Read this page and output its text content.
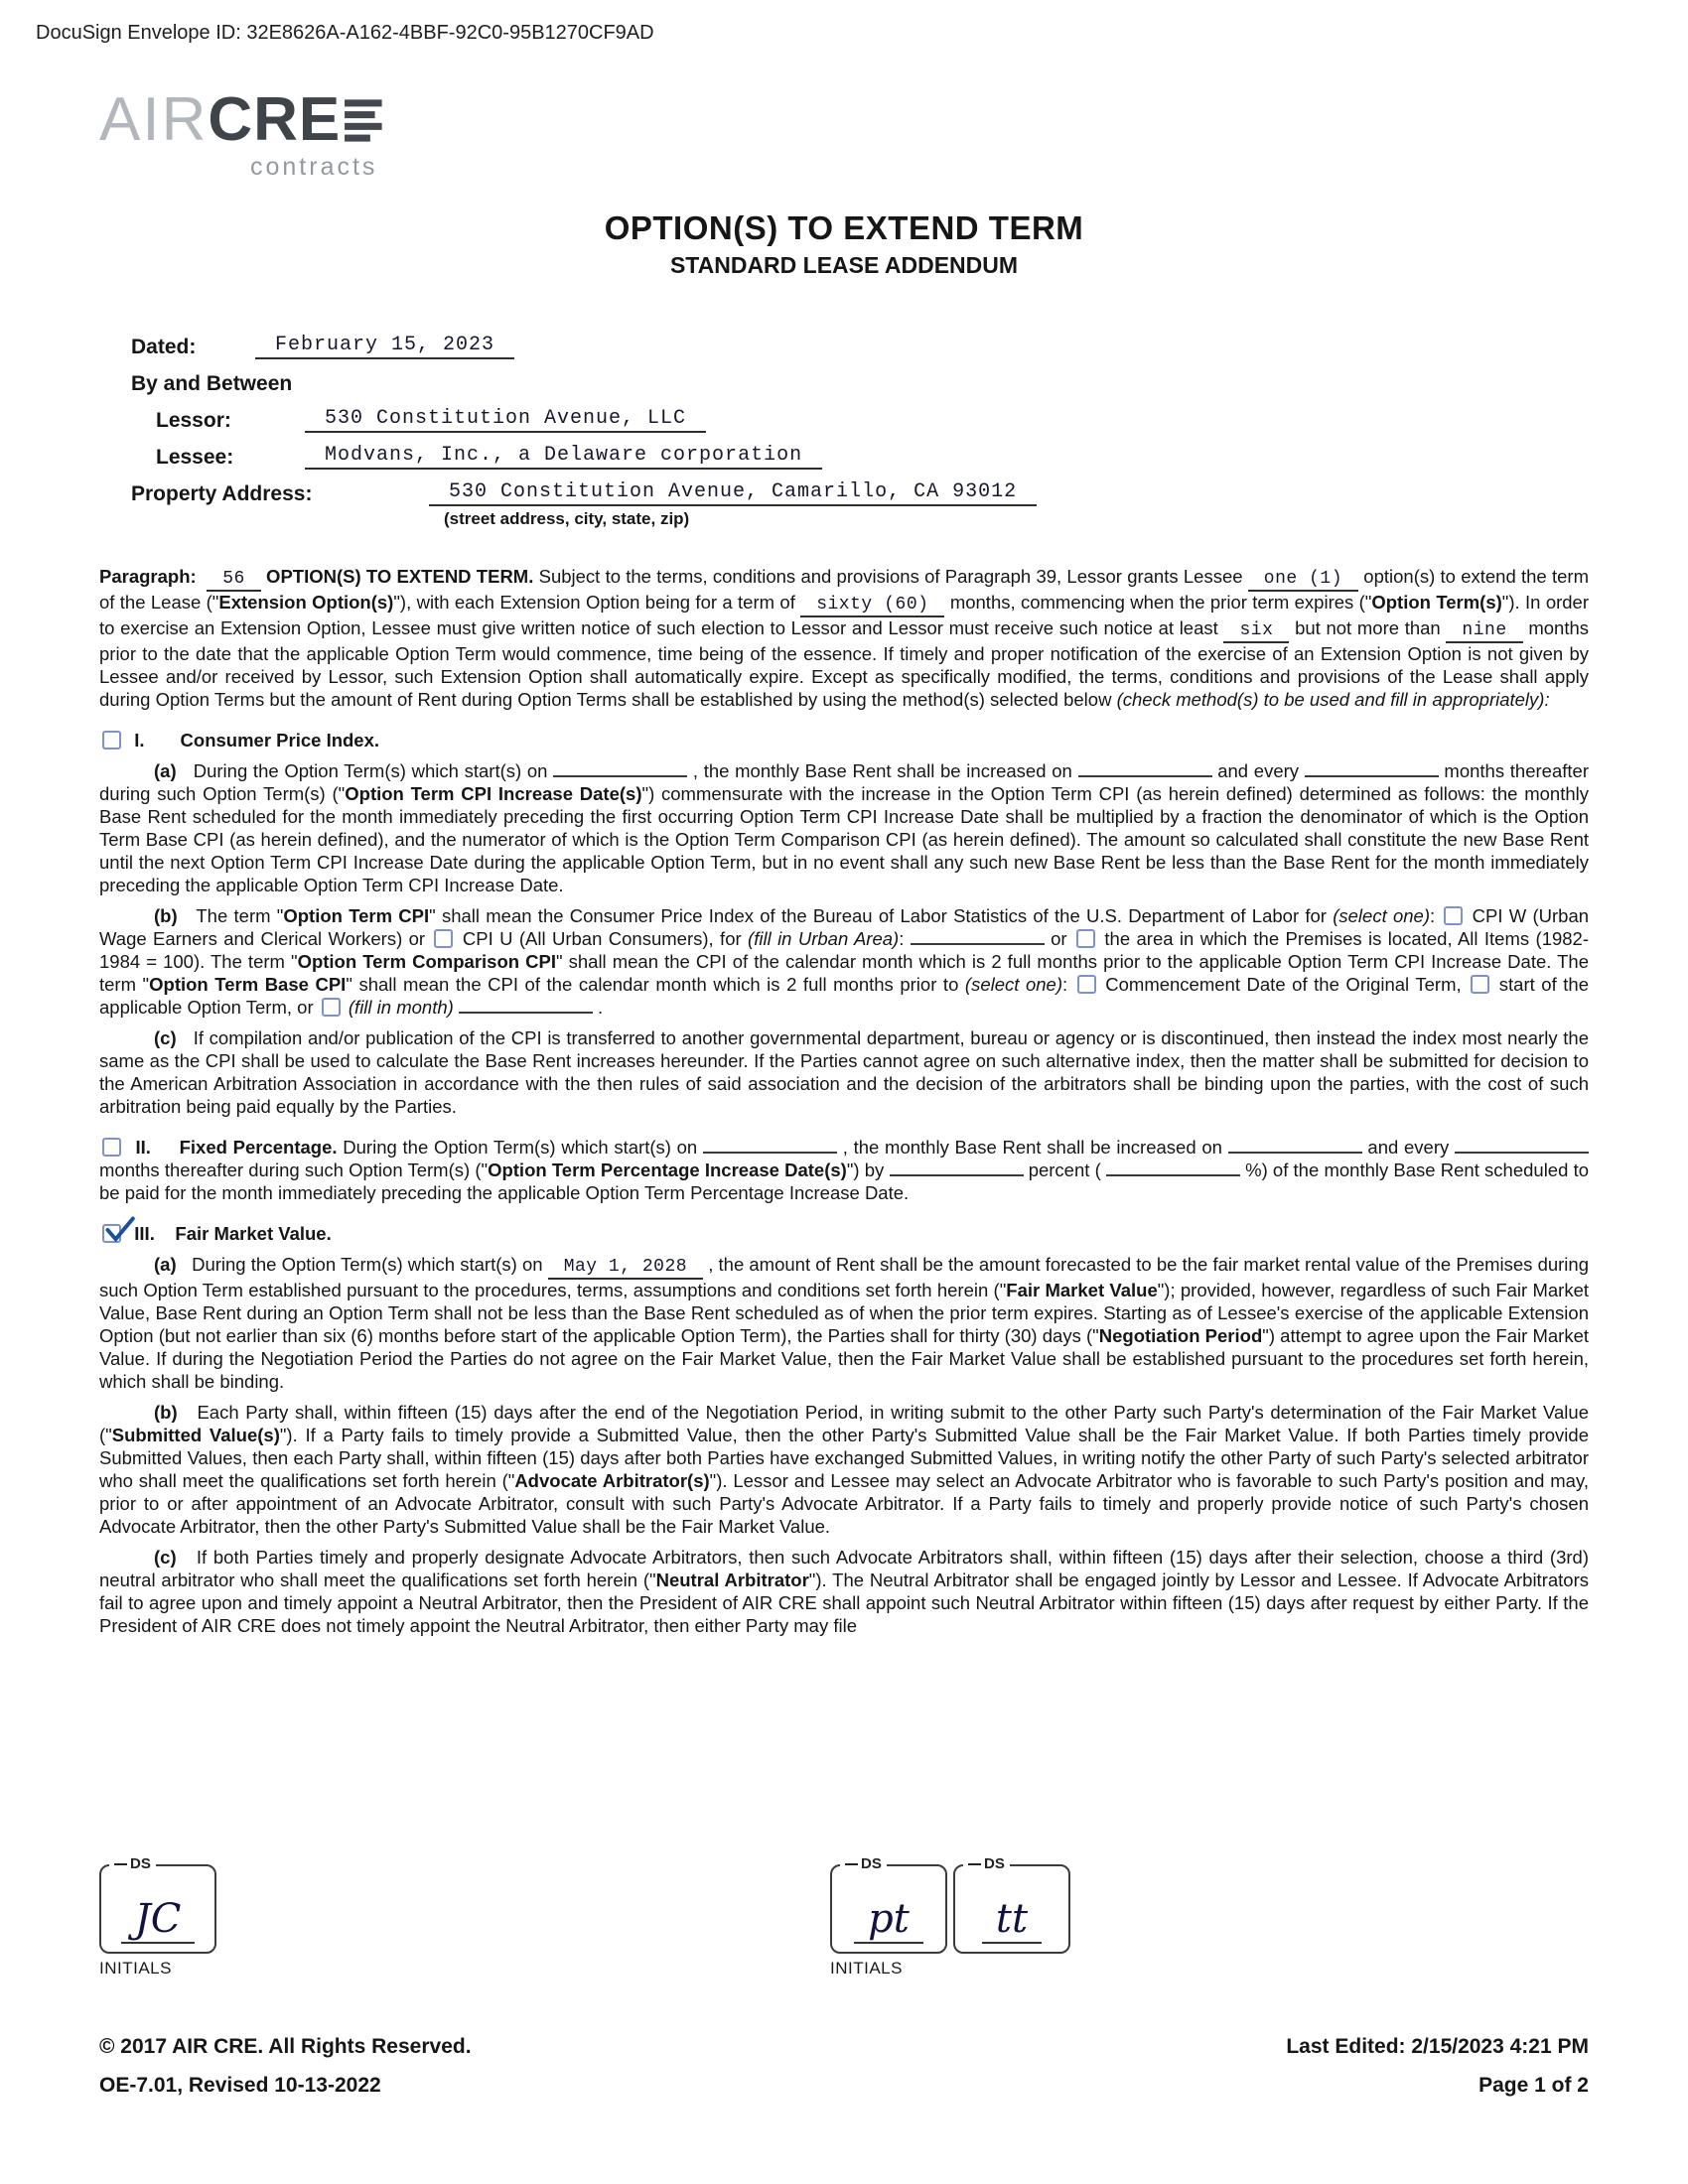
DocuSign Envelope ID: 32E8626A-A162-4BBF-92C0-95B1270CF9AD
AIR CRE
contracts
OPTION(S) TO EXTEND TERM
STANDARD LEASE ADDENDUM
Dated:	February 15, 2023
By and Between
Lessor:	530 Constitution Avenue, LLC
Lessee:	Modvans, Inc., a Delaware corporation
Property Address:	530 Constitution Avenue, Camarillo, CA 93012
(street address, city, state, zip)

Paragraph:  56 OPTION(S) TO EXTEND TERM. Subject to the terms, conditions and provisions of Paragraph 39, Lessor grants Lessee one (1) option(s) to extend the term of the Lease ("Extension Option(s)"), with each Extension Option being for a term of sixty (60) months, commencing when the prior term expires ("Option Term(s)"). In order to exercise an Extension Option, Lessee must give written notice of such election to Lessor and Lessor must receive such notice at least six but not more than nine months prior to the date that the applicable Option Term would commence, time being of the essence. If timely and proper notification of the exercise of an Extension Option is not given by Lessee and/or received by Lessor, such Extension Option shall automatically expire. Except as specifically modified, the terms, conditions and provisions of the Lease shall apply during Option Terms but the amount of Rent during Option Terms shall be established by using the method(s) selected below (check method(s) to be used and fill in appropriately):

I.       Consumer Price Index.

(a)   During the Option Term(s) which start(s) on	, the monthly Base Rent shall be increased on	and every	months thereafter during such Option Term(s) ("Option Term CPI Increase Date(s)") commensurate with the increase in the Option Term CPI (as herein defined) determined as follows: the monthly Base Rent scheduled for the month immediately preceding the first occurring Option Term CPI Increase Date shall be multiplied by a fraction the denominator of which is the Option Term Base CPI (as herein defined), and the numerator of which is the Option Term Comparison CPI (as herein defined). The amount so calculated shall constitute the new Base Rent until the next Option Term CPI Increase Date during the applicable Option Term, but in no event shall any such new Base Rent be less than the Base Rent for the month immediately preceding the applicable Option Term CPI Increase Date.

(b)   The term "Option Term CPI" shall mean the Consumer Price Index of the Bureau of Labor Statistics of the U.S. Department of Labor for (select one):  CPI W (Urban Wage Earners and Clerical Workers) or  CPI U (All Urban Consumers), for (fill in Urban Area):	or  the area in which the Premises is located, All Items (1982-1984 = 100). The term "Option Term Comparison CPI" shall mean the CPI of the calendar month which is 2 full months prior to the applicable Option Term CPI Increase Date. The term "Option Term Base CPI" shall mean the CPI of the calendar month which is 2 full months prior to (select one):  Commencement Date of the Original Term,  start of the applicable Option Term, or  (fill in month)	.

(c)   If compilation and/or publication of the CPI is transferred to another governmental department, bureau or agency or is discontinued, then instead the index most nearly the same as the CPI shall be used to calculate the Base Rent increases hereunder. If the Parties cannot agree on such alternative index, then the matter shall be submitted for decision to the American Arbitration Association in accordance with the then rules of said association and the decision of the arbitrators shall be binding upon the parties, with the cost of such arbitration being paid equally by the Parties.

II.     Fixed Percentage. During the Option Term(s) which start(s) on	, the monthly Base Rent shall be increased on	and every  months thereafter during such Option Term(s) ("Option Term Percentage Increase Date(s)") by	percent (	%) of the monthly Base Rent scheduled to be paid for the month immediately preceding the applicable Option Term Percentage Increase Date.

III.    Fair Market Value.

(a)   During the Option Term(s) which start(s) on May 1, 2028 , the amount of Rent shall be the amount forecasted to be the fair market rental value of the Premises during such Option Term established pursuant to the procedures, terms, assumptions and conditions set forth herein ("Fair Market Value"); provided, however, regardless of such Fair Market Value, Base Rent during an Option Term shall not be less than the Base Rent scheduled as of when the prior term expires. Starting as of Lessee's exercise of the applicable Extension Option (but not earlier than six (6) months before start of the applicable Option Term), the Parties shall for thirty (30) days ("Negotiation Period") attempt to agree upon the Fair Market Value. If during the Negotiation Period the Parties do not agree on the Fair Market Value, then the Fair Market Value shall be established pursuant to the procedures set forth herein, which shall be binding.

(b)   Each Party shall, within fifteen (15) days after the end of the Negotiation Period, in writing submit to the other Party such Party's determination of the Fair Market Value ("Submitted Value(s)"). If a Party fails to timely provide a Submitted Value, then the other Party's Submitted Value shall be the Fair Market Value. If both Parties timely provide Submitted Values, then each Party shall, within fifteen (15) days after both Parties have exchanged Submitted Values, in writing notify the other Party of such Party's selected arbitrator who shall meet the qualifications set forth herein ("Advocate Arbitrator(s)"). Lessor and Lessee may select an Advocate Arbitrator who is favorable to such Party's position and may, prior to or after appointment of an Advocate Arbitrator, consult with such Party's Advocate Arbitrator. If a Party fails to timely and properly provide notice of such Party's chosen Advocate Arbitrator, then the other Party's Submitted Value shall be the Fair Market Value.

(c)   If both Parties timely and properly designate Advocate Arbitrators, then such Advocate Arbitrators shall, within fifteen (15) days after their selection, choose a third (3rd) neutral arbitrator who shall meet the qualifications set forth herein ("Neutral Arbitrator"). The Neutral Arbitrator shall be engaged jointly by Lessor and Lessee. If Advocate Arbitrators fail to agree upon and timely appoint a Neutral Arbitrator, then the President of AIR CRE shall appoint such Neutral Arbitrator within fifteen (15) days after request by either Party. If the President of AIR CRE does not timely appoint the Neutral Arbitrator, then either Party may file

DS
JC
INITIALS
DS
pt
DS
tt
INITIALS
© 2017 AIR CRE. All Rights Reserved.	Last Edited: 2/15/2023 4:21 PM
OE-7.01, Revised 10-13-2022	Page 1 of 2
